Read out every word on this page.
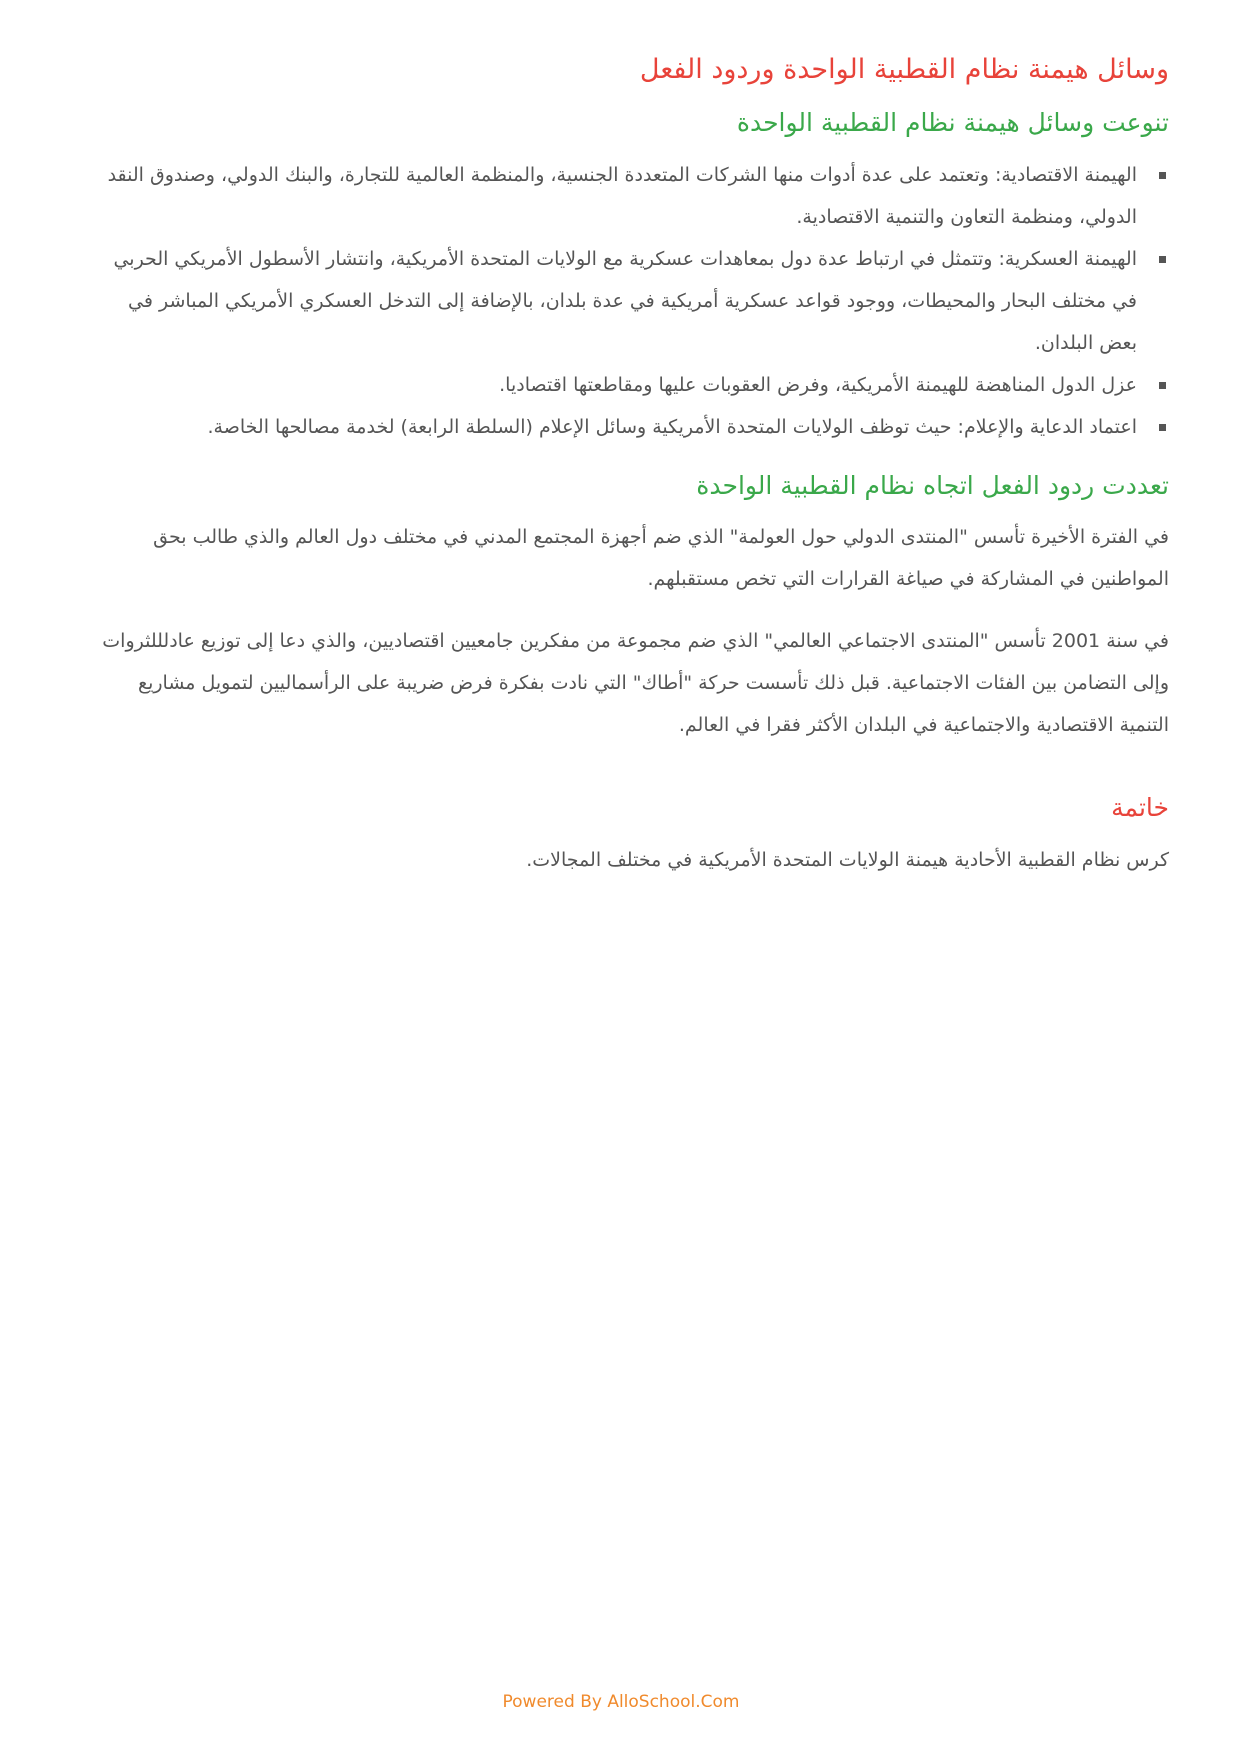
وسائل هيمنة نظام القطبية الواحدة وردود الفعل
تنوعت وسائل هيمنة نظام القطبية الواحدة
الهيمنة الاقتصادية: وتعتمد على عدة أدوات منها الشركات المتعددة الجنسية، والمنظمة العالمية للتجارة، والبنك الدولي، وصندوق النقد الدولي، ومنظمة التعاون والتنمية الاقتصادية.
الهيمنة العسكرية: وتتمثل في ارتباط عدة دول بمعاهدات عسكرية مع الولايات المتحدة الأمريكية، وانتشار الأسطول الأمريكي الحربي في مختلف البحار والمحيطات، ووجود قواعد عسكرية أمريكية في عدة بلدان، بالإضافة إلى التدخل العسكري الأمريكي المباشر في بعض البلدان.
عزل الدول المناهضة للهيمنة الأمريكية، وفرض العقوبات عليها ومقاطعتها اقتصاديا.
اعتماد الدعاية والإعلام: حيث توظف الولايات المتحدة الأمريكية وسائل الإعلام (السلطة الرابعة) لخدمة مصالحها الخاصة.
تعددت ردود الفعل اتجاه نظام القطبية الواحدة

في الفترة الأخيرة تأسس "المنتدى الدولي حول العولمة" الذي ضم أجهزة المجتمع المدني في مختلف دول العالم والذي طالب بحق المواطنين في المشاركة في صياغة القرارات التي تخص مستقبلهم.

في سنة 2001 تأسس "المنتدى الاجتماعي العالمي" الذي ضم مجموعة من مفكرين جامعيين اقتصاديين، والذي دعا إلى توزيع عادلللثروات وإلى التضامن بين الفئات الاجتماعية. قبل ذلك تأسست حركة "أطاك" التي نادت بفكرة فرض ضريبة على الرأسماليين لتمويل مشاريع التنمية الاقتصادية والاجتماعية في البلدان الأكثر فقرا في العالم.

خاتمة

كرس نظام القطبية الأحادية هيمنة الولايات المتحدة الأمريكية في مختلف المجالات.

Powered By AlloSchool.Com
